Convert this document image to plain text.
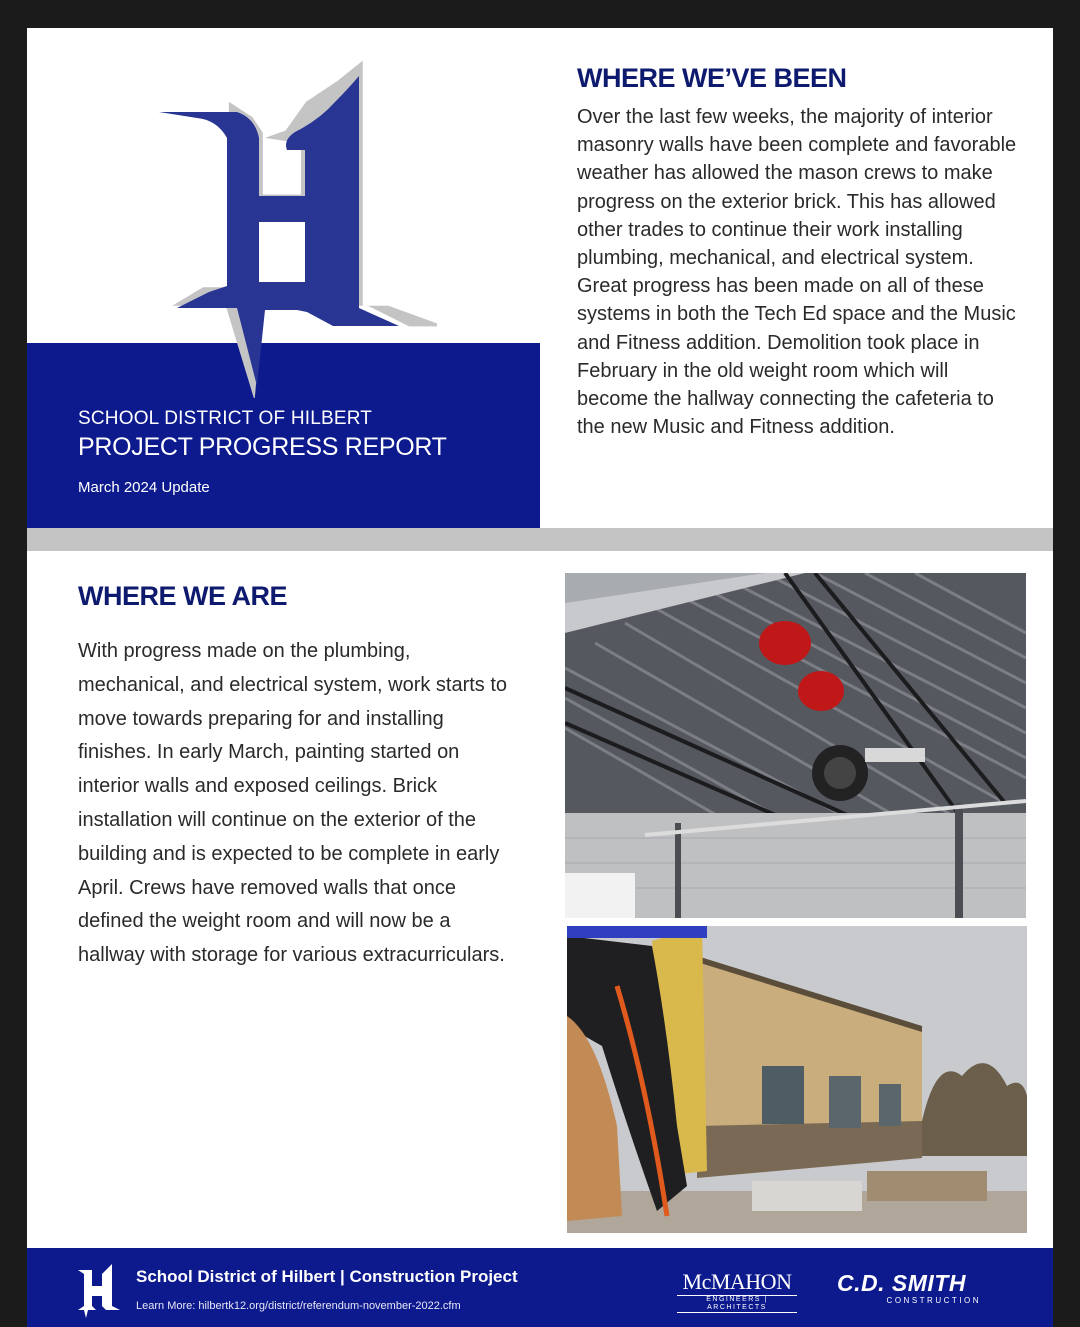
SCHOOL DISTRICT OF HILBERT
PROJECT PROGRESS REPORT
March 2024 Update
WHERE WE’VE BEEN

Over the last few weeks, the majority of interior masonry walls have been complete and favorable weather has allowed the mason crews to make progress on the exterior brick. This has allowed other trades to continue their work installing plumbing, mechanical, and electrical system. Great progress has been made on all of these systems in both the Tech Ed space and the Music and Fitness addition. Demolition took place in February in the old weight room which will become the hallway connecting the cafeteria to the new Music and Fitness addition.

WHERE WE ARE

With progress made on the plumbing, mechanical, and electrical system, work starts to move towards preparing for and installing finishes. In early March, painting started on interior walls and exposed ceilings. Brick installation will continue on the exterior of the building and is expected to be complete in early April. Crews have removed walls that once defined the weight room and will now be a hallway with storage for various extracurriculars.

School District of Hilbert | Construction Project
Learn More: hilbertk12.org/district/referendum-november-2022.cfm
McMAHON
ENGINEERS | ARCHITECTS
C.D. SMITH
CONSTRUCTION
